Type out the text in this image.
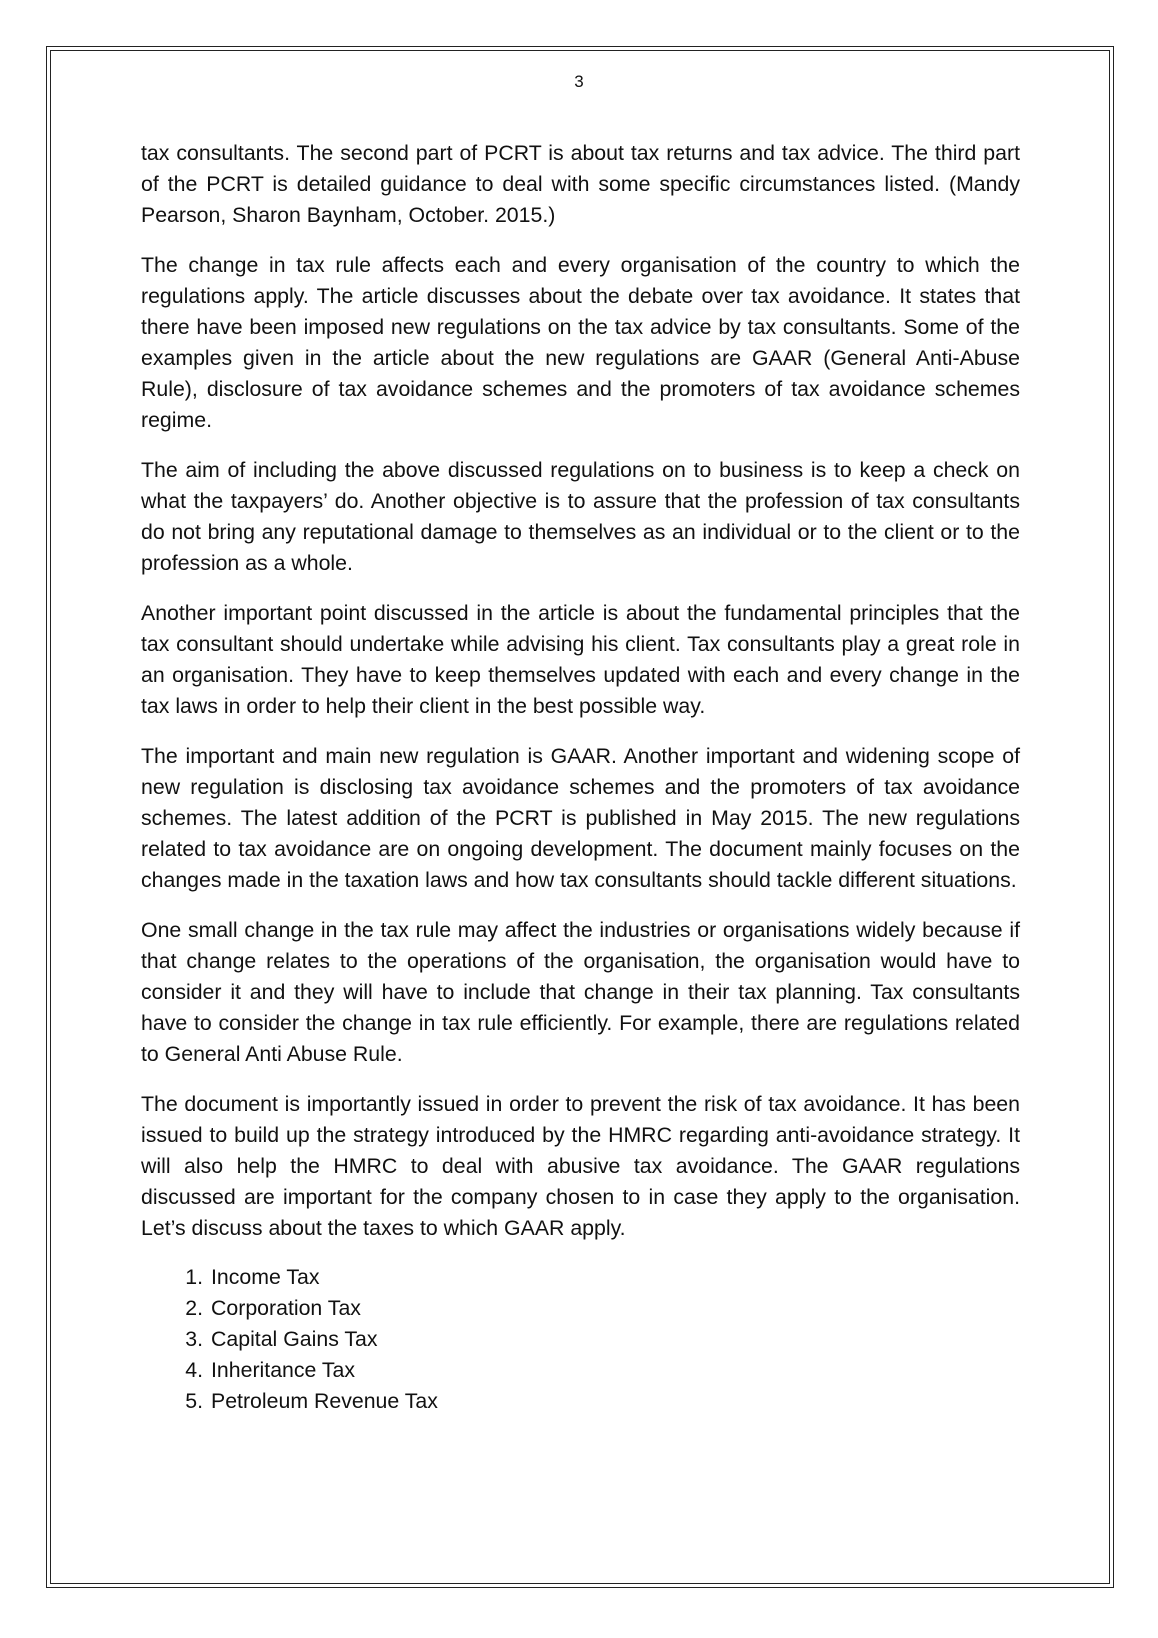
3

tax consultants. The second part of PCRT is about tax returns and tax advice. The third part of the PCRT is detailed guidance to deal with some specific circumstances listed. (Mandy Pearson, Sharon Baynham, October. 2015.)

The change in tax rule affects each and every organisation of the country to which the regulations apply. The article discusses about the debate over tax avoidance. It states that there have been imposed new regulations on the tax advice by tax consultants. Some of the examples given in the article about the new regulations are GAAR (General Anti-Abuse Rule), disclosure of tax avoidance schemes and the promoters of tax avoidance schemes regime.

The aim of including the above discussed regulations on to business is to keep a check on what the taxpayers’ do. Another objective is to assure that the profession of tax consultants do not bring any reputational damage to themselves as an individual or to the client or to the profession as a whole.

Another important point discussed in the article is about the fundamental principles that the tax consultant should undertake while advising his client. Tax consultants play a great role in an organisation. They have to keep themselves updated with each and every change in the tax laws in order to help their client in the best possible way.

The important and main new regulation is GAAR. Another important and widening scope of new regulation is disclosing tax avoidance schemes and the promoters of tax avoidance schemes. The latest addition of the PCRT is published in May 2015. The new regulations related to tax avoidance are on ongoing development. The document mainly focuses on the changes made in the taxation laws and how tax consultants should tackle different situations.

One small change in the tax rule may affect the industries or organisations widely because if that change relates to the operations of the organisation, the organisation would have to consider it and they will have to include that change in their tax planning. Tax consultants have to consider the change in tax rule efficiently. For example, there are regulations related to General Anti Abuse Rule.

The document is importantly issued in order to prevent the risk of tax avoidance. It has been issued to build up the strategy introduced by the HMRC regarding anti-avoidance strategy. It will also help the HMRC to deal with abusive tax avoidance. The GAAR regulations discussed are important for the company chosen to in case they apply to the organisation. Let’s discuss about the taxes to which GAAR apply.

1. Income Tax
2. Corporation Tax
3. Capital Gains Tax
4. Inheritance Tax
5. Petroleum Revenue Tax
